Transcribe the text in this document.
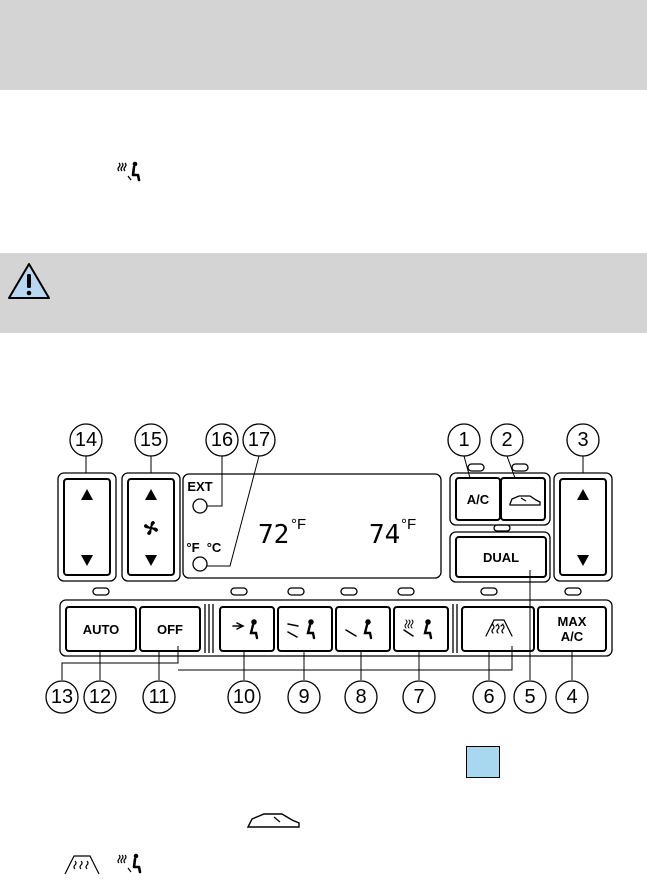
14 15 16 17	1 2	3
4
5
6
7
8
9
10
11
12
13
A/C
DUAL
AUTO	OFF
MAX
A/C
EXT
°F °C 72 °F 74 °F
